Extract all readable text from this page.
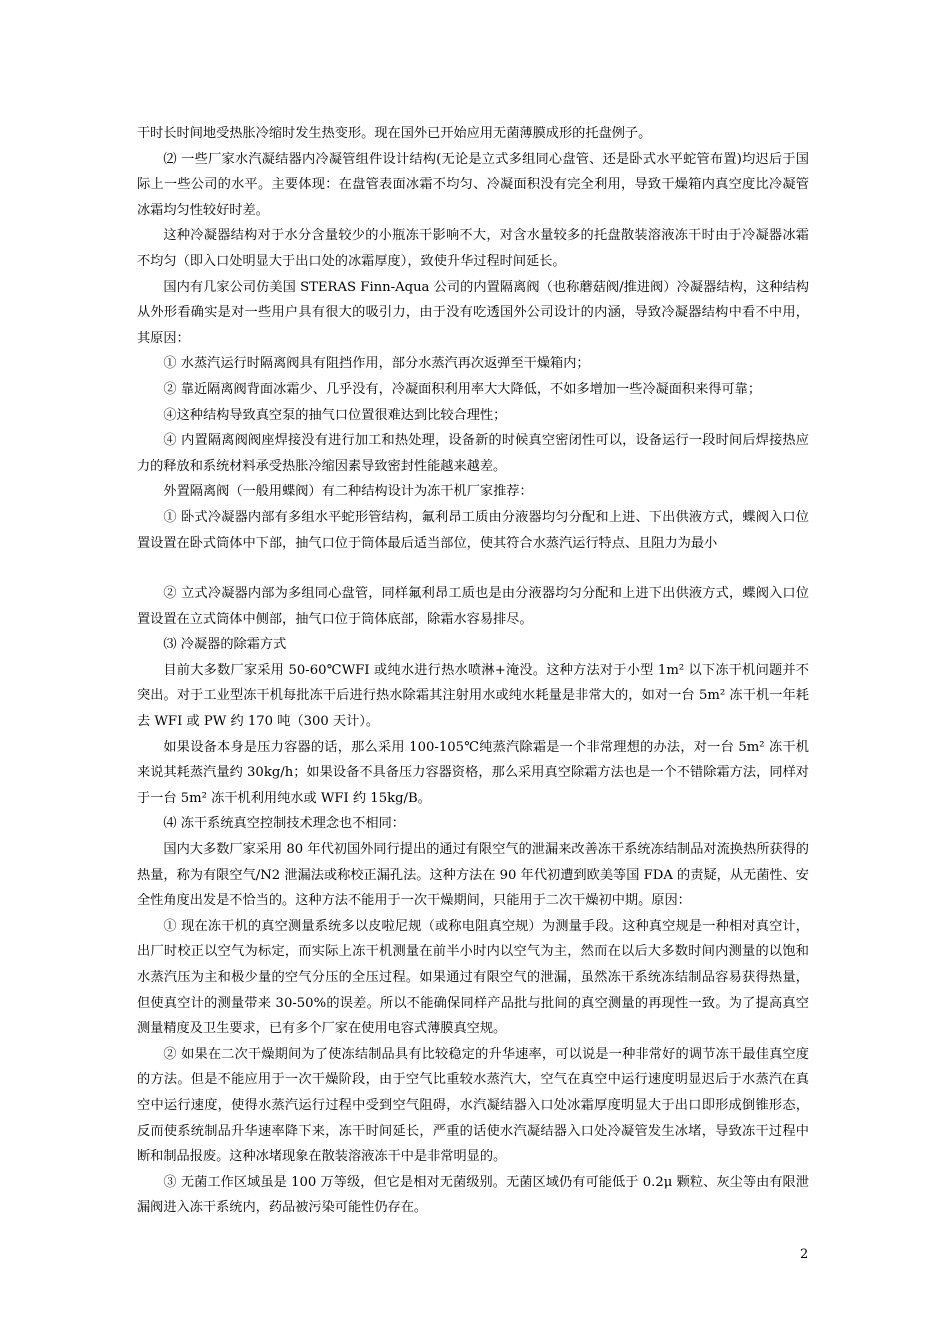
干时长时间地受热胀冷缩时发生热变形。现在国外已开始应用无菌薄膜成形的托盘例子。

⑵ 一些厂家水汽凝结器内冷凝管组件设计结构(无论是立式多组同心盘管、还是卧式水平蛇管布置)均迟后于国际上一些公司的水平。主要体现：在盘管表面冰霜不均匀、冷凝面积没有完全利用，导致干燥箱内真空度比冷凝管冰霜均匀性较好时差。

这种冷凝器结构对于水分含量较少的小瓶冻干影响不大，对含水量较多的托盘散装溶液冻干时由于冷凝器冰霜不均匀（即入口处明显大于出口处的冰霜厚度），致使升华过程时间延长。

国内有几家公司仿美国 STERAS Finn-Aqua 公司的内置隔离阀（也称蘑菇阀/推进阀）冷凝器结构，这种结构从外形看确实是对一些用户具有很大的吸引力，由于没有吃透国外公司设计的内涵，导致冷凝器结构中看不中用，其原因：

① 水蒸汽运行时隔离阀具有阻挡作用，部分水蒸汽再次返弹至干燥箱内；

② 靠近隔离阀背面冰霜少、几乎没有，冷凝面积利用率大大降低，不如多增加一些冷凝面积来得可靠；

④这种结构导致真空泵的抽气口位置很难达到比较合理性；

④ 内置隔离阀阀座焊接没有进行加工和热处理，设备新的时候真空密闭性可以，设备运行一段时间后焊接热应力的释放和系统材料承受热胀冷缩因素导致密封性能越来越差。

外置隔离阀（一般用蝶阀）有二种结构设计为冻干机厂家推荐：

① 卧式冷凝器内部有多组水平蛇形管结构，氟利昂工质由分液器均匀分配和上进、下出供液方式，蝶阀入口位置设置在卧式筒体中下部，抽气口位于筒体最后适当部位，使其符合水蒸汽运行特点、且阻力为最小

② 立式冷凝器内部为多组同心盘管，同样氟利昂工质也是由分液器均匀分配和上进下出供液方式，蝶阀入口位置设置在立式筒体中侧部，抽气口位于筒体底部，除霜水容易排尽。

⑶ 冷凝器的除霜方式

目前大多数厂家采用 50-60℃WFI 或纯水进行热水喷淋+淹没。这种方法对于小型 1m² 以下冻干机问题并不突出。对于工业型冻干机每批冻干后进行热水除霜其注射用水或纯水耗量是非常大的，如对一台 5m² 冻干机一年耗去 WFI 或 PW 约 170 吨（300 天计）。

如果设备本身是压力容器的话，那么采用 100-105℃纯蒸汽除霜是一个非常理想的办法，对一台 5m² 冻干机来说其耗蒸汽量约 30kg/h；如果设备不具备压力容器资格，那么采用真空除霜方法也是一个不错除霜方法，同样对于一台 5m² 冻干机利用纯水或 WFI 约 15kg/B。

⑷ 冻干系统真空控制技术理念也不相同：

国内大多数厂家采用 80 年代初国外同行提出的通过有限空气的泄漏来改善冻干系统冻结制品对流换热所获得的热量，称为有限空气/N2 泄漏法或称校正漏孔法。这种方法在 90 年代初遭到欧美等国 FDA 的责疑，从无菌性、安全性角度出发是不恰当的。这种方法不能用于一次干燥期间，只能用于二次干燥初中期。原因：

① 现在冻干机的真空测量系统多以皮啦尼规（或称电阻真空规）为测量手段。这种真空规是一种相对真空计，出厂时校正以空气为标定，而实际上冻干机测量在前半小时内以空气为主，然而在以后大多数时间内测量的以饱和水蒸汽压为主和极少量的空气分压的全压过程。如果通过有限空气的泄漏，虽然冻干系统冻结制品容易获得热量，但使真空计的测量带来 30-50%的误差。所以不能确保同样产品批与批间的真空测量的再现性一致。为了提高真空测量精度及卫生要求，已有多个厂家在使用电容式薄膜真空规。

② 如果在二次干燥期间为了使冻结制品具有比较稳定的升华速率，可以说是一种非常好的调节冻干最佳真空度的方法。但是不能应用于一次干燥阶段，由于空气比重较水蒸汽大，空气在真空中运行速度明显迟后于水蒸汽在真空中运行速度，使得水蒸汽运行过程中受到空气阻碍，水汽凝结器入口处冰霜厚度明显大于出口即形成倒锥形态，反而使系统制品升华速率降下来，冻干时间延长，严重的话使水汽凝结器入口处冷凝管发生冰堵，导致冻干过程中断和制品报废。这种冰堵现象在散装溶液冻干中是非常明显的。

③ 无菌工作区域虽是 100 万等级，但它是相对无菌级别。无菌区域仍有可能低于 0.2μ 颗粒、灰尘等由有限泄漏阀进入冻干系统内，药品被污染可能性仍存在。

2
